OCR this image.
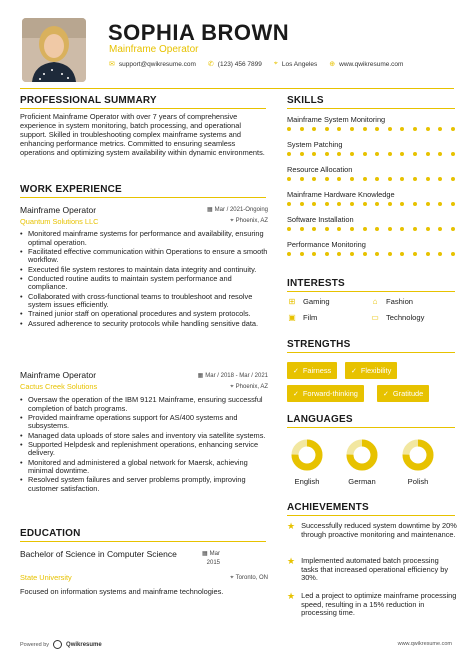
SOPHIA BROWN
Mainframe Operator
✉ support@qwikresume.com ✆ (123) 456 7899 ⌖ Los Angeles ⊕ www.qwikresume.com
PROFESSIONAL SUMMARY
Proficient Mainframe Operator with over 7 years of comprehensive experience in system monitoring, batch processing, and operational support. Skilled in troubleshooting complex mainframe systems and enhancing performance metrics. Committed to ensuring seamless operations and optimizing system availability within dynamic environments.
WORK EXPERIENCE
Mainframe Operator
Quantum Solutions LLC
▦ Mar / 2021-Ongoing
⌖ Phoenix, AZ
• Monitored mainframe systems for performance and availability, ensuring optimal operation.
• Facilitated effective communication within Operations to ensure a smooth workflow.
• Executed file system restores to maintain data integrity and continuity.
• Conducted routine audits to maintain system performance and compliance.
• Collaborated with cross-functional teams to troubleshoot and resolve system issues efficiently.
• Trained junior staff on operational procedures and system protocols.
• Assured adherence to security protocols while handling sensitive data.
Mainframe Operator
Cactus Creek Solutions
▦ Mar / 2018 - Mar / 2021
⌖ Phoenix, AZ
• Oversaw the operation of the IBM 9121 Mainframe, ensuring successful completion of batch programs.
• Provided mainframe operations support for AS/400 systems and subsystems.
• Managed data uploads of store sales and inventory via satellite systems.
• Supported Helpdesk and replenishment operations, enhancing service delivery.
• Monitored and administered a global network for Maersk, achieving minimal downtime.
• Resolved system failures and server problems promptly, improving customer satisfaction.
EDUCATION
Bachelor of Science in Computer Science
State University
▦ Mar
2015
⌖ Toronto, ON
Focused on information systems and mainframe technologies.
SKILLS
Mainframe System Monitoring
System Patching
Resource Allocation
Mainframe Hardware Knowledge
Software Installation
Performance Monitoring
INTERESTS
⊞ Gaming	⌂	Fashion
▣ Film	▭ Technology
STRENGTHS
✓ Fairness	✓ Flexibility
✓ Forward-thinking	✓ Gratitude
LANGUAGES
English	German	Polish
ACHIEVEMENTS
★ Successfully reduced system downtime by 20% through proactive monitoring and maintenance.
★ Implemented automated batch processing tasks that increased operational efficiency by 30%.
★ Led a project to optimize mainframe processing speed, resulting in a 15% reduction in processing time.
Powered by	Qwikresume	www.qwikresume.com
